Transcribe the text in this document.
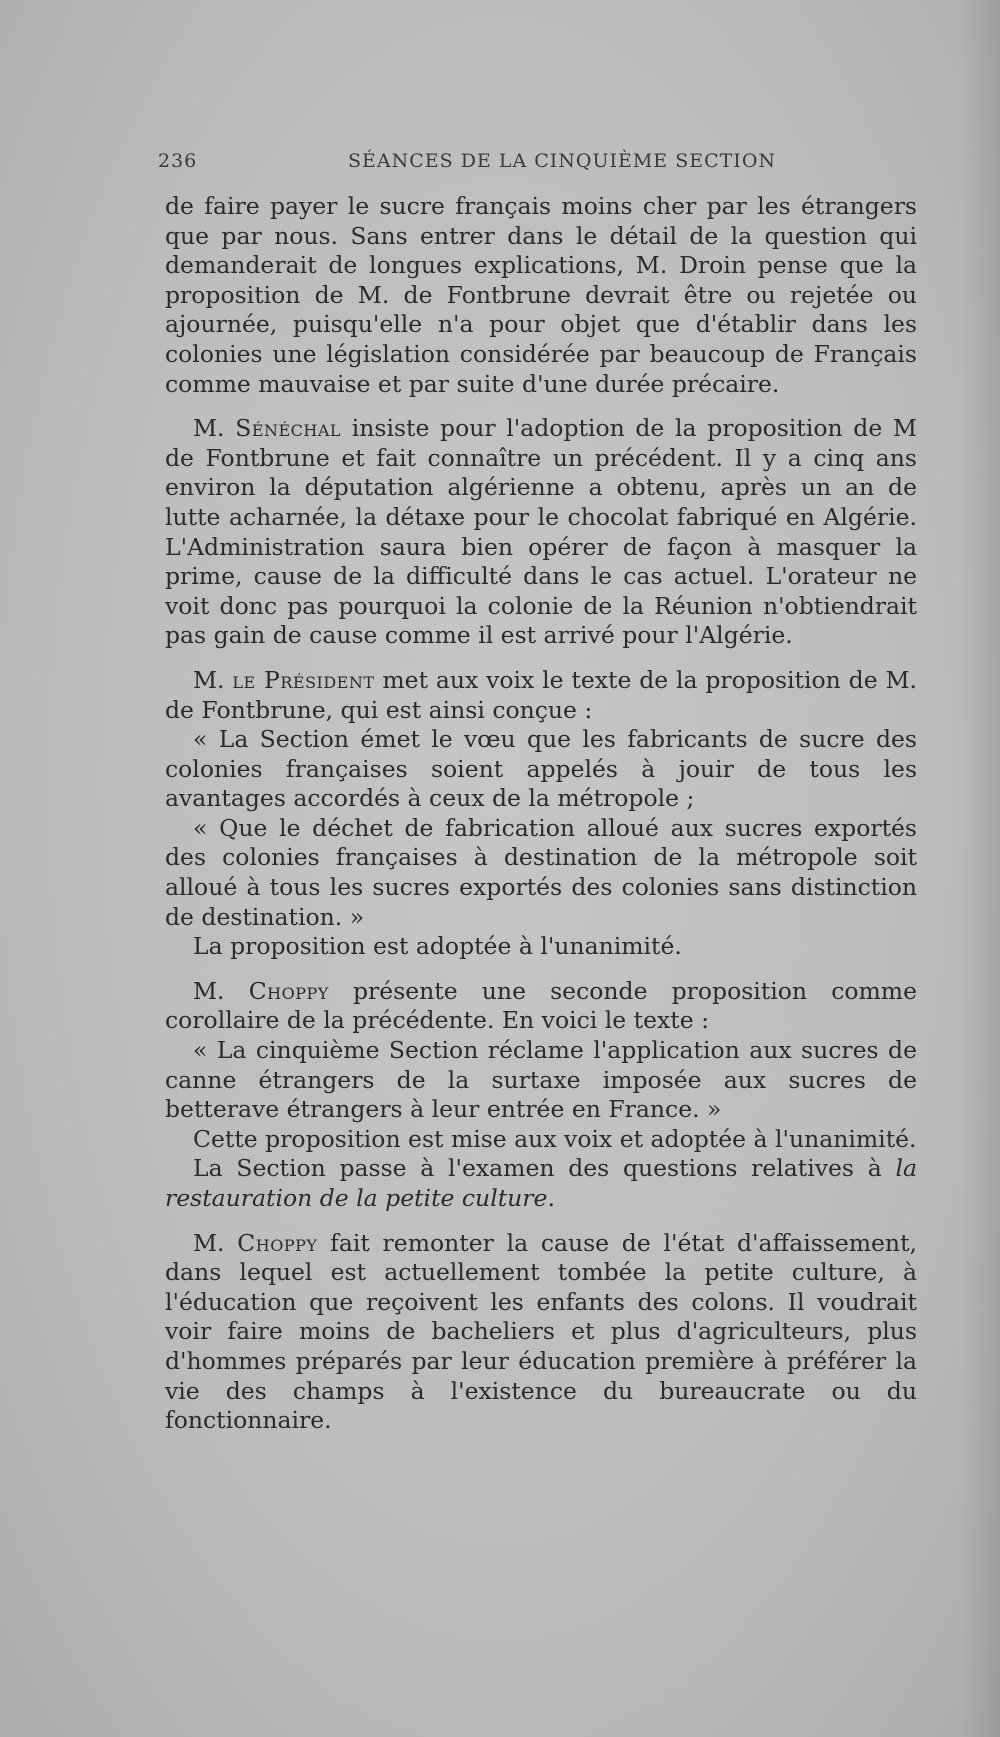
236	SÉANCES DE LA CINQUIÈME SECTION

de faire payer le sucre français moins cher par les étrangers que par nous. Sans entrer dans le détail de la question qui demanderait de longues explications, M. Droin pense que la proposition de M. de Fontbrune devrait être ou rejetée ou ajournée, puisqu'elle n'a pour objet que d'établir dans les colonies une législation considérée par beaucoup de Français comme mauvaise et par suite d'une durée précaire.

M. Sénéchal insiste pour l'adoption de la proposition de M de Fontbrune et fait connaître un précédent. Il y a cinq ans environ la députation algérienne a obtenu, après un an de lutte acharnée, la détaxe pour le chocolat fabriqué en Algérie. L'Administration saura bien opérer de façon à masquer la prime, cause de la difficulté dans le cas actuel. L'orateur ne voit donc pas pourquoi la colonie de la Réunion n'obtiendrait pas gain de cause comme il est arrivé pour l'Algérie.

M. le Président met aux voix le texte de la proposition de M. de Fontbrune, qui est ainsi conçue :

« La Section émet le vœu que les fabricants de sucre des colonies françaises soient appelés à jouir de tous les avantages accordés à ceux de la métropole ;

« Que le déchet de fabrication alloué aux sucres exportés des colonies françaises à destination de la métropole soit alloué à tous les sucres exportés des colonies sans distinction de destination. »

La proposition est adoptée à l'unanimité.

M. Choppy présente une seconde proposition comme corollaire de la précédente. En voici le texte :

« La cinquième Section réclame l'application aux sucres de canne étrangers de la surtaxe imposée aux sucres de betterave étrangers à leur entrée en France. »

Cette proposition est mise aux voix et adoptée à l'unanimité.

La Section passe à l'examen des questions relatives à la restauration de la petite culture.

M. Choppy fait remonter la cause de l'état d'affaissement, dans lequel est actuellement tombée la petite culture, à l'éducation que reçoivent les enfants des colons. Il voudrait voir faire moins de bacheliers et plus d'agriculteurs, plus d'hommes préparés par leur éducation première à préférer la vie des champs à l'existence du bureaucrate ou du fonctionnaire.
